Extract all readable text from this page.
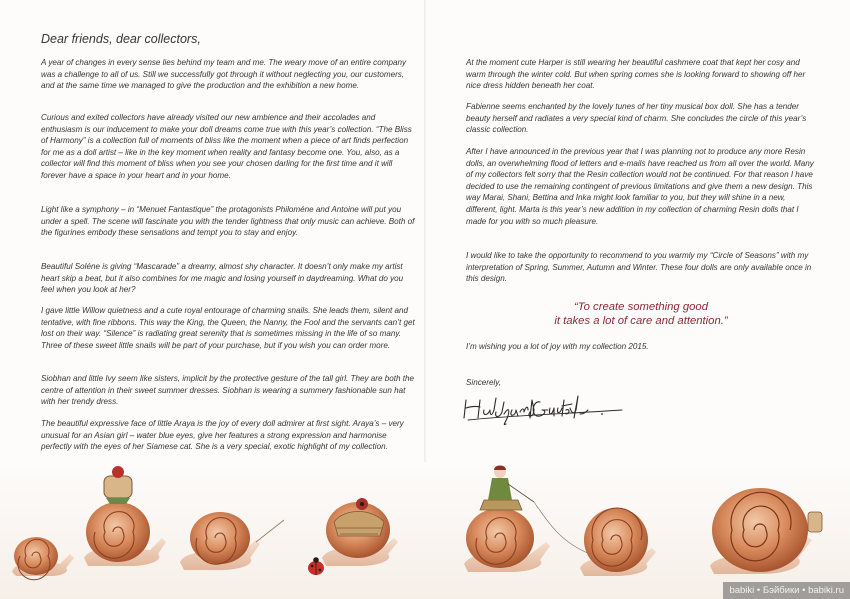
Dear friends, dear collectors,

A year of changes in every sense lies behind my team and me. The weary move of an entire company was a challenge to all of us. Still we successfully got through it without neglecting you, our customers, and at the same time we managed to give the production and the exhibition a new home.

Curious and exited collectors have already visited our new ambience and their accolades and enthusiasm is our inducement to make your doll dreams come true with this year’s collection. “The Bliss of Harmony” is a collection full of moments of bliss like the moment when a piece of art finds perfection for me as a doll artist – like in the key moment when reality and fantasy become one. You, also, as a collector will find this moment of bliss when you see your chosen darling for the first time and it will forever have a space in your heart and in your home.

Light like a symphony – in “Menuet Fantastique” the protagonists Philoméne and Antoine will put you under a spell. The scene will fascinate you with the tender lightness that only music can achieve. Both of the figurines embody these sensations and tempt you to stay and enjoy.

Beautiful Soléne is giving “Mascarade” a dreamy, almost shy character. It doesn’t only make my artist heart skip a beat, but it also combines for me magic and losing yourself in daydreaming. What do you feel when you look at her?

I gave little Willow quietness and a cute royal entourage of charming snails. She leads them, silent and tentative, with fine ribbons. This way the King, the Queen, the Nanny, the Fool and the servants can’t get lost on their way. “Silence” is radiating great serenity that is sometimes missing in the life of so many. Three of these sweet little snails will be part of your purchase, but if you wish you can order more.

Siobhan and little Ivy seem like sisters, implicit by the protective gesture of the tall girl. They are both the centre of attention in their sweet summer dresses. Siobhan is wearing a summery fashionable sun hat with her trendy dress.

The beautiful expressive face of little Araya is the joy of every doll admirer at first sight. Araya’s – very unusual for an Asian girl – water blue eyes, give her features a strong expression and harmonise perfectly with the eyes of her Siamese cat. She is a very special, exotic highlight of my collection.

At the moment cute Harper is still wearing her beautiful cashmere coat that kept her cosy and warm through the winter cold. But when spring comes she is looking forward to showing off her nice dress hidden beneath her coat.

Fabienne seems enchanted by the lovely tunes of her tiny musical box doll. She has a tender beauty herself and radiates a very special kind of charm. She concludes the circle of this year’s classic collection.

After I have announced in the previous year that I was planning not to produce any more Resin dolls, an overwhelming flood of letters and e-mails have reached us from all over the world. Many of my collectors felt sorry that the Resin collection would not be continued. For that reason I have decided to use the remaining contingent of previous limitations and give them a new design. This way Marai, Shani, Bettina and Inka might look familiar to you, but they will shine in a new, different, light. Marta is this year’s new addition in my collection of charming Resin dolls that I made for you with so much pleasure.

I would like to take the opportunity to recommend to you warmly my “Circle of Seasons” with my interpretation of Spring, Summer, Autumn and Winter. These four dolls are only available once in this design.

“To create something good
it takes a lot of care and attention.”
I’m wishing you a lot of joy with my collection 2015.
Sincerely,
babiki • Бэйбики • babiki.ru
